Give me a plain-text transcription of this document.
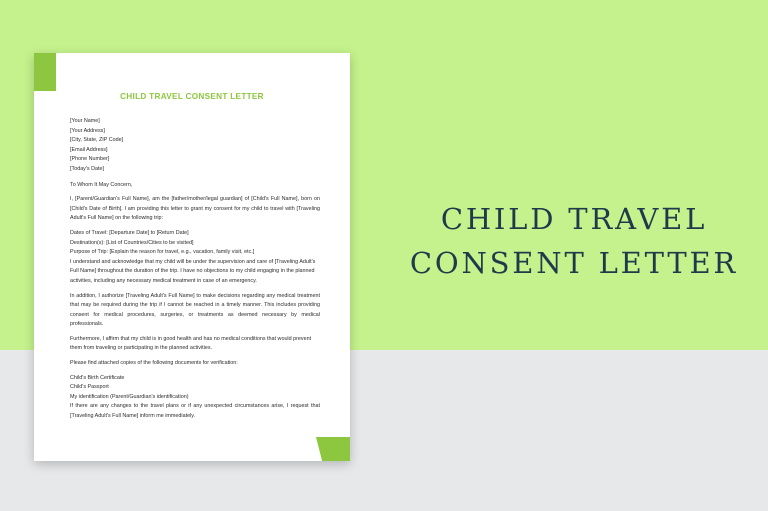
CHILD TRAVEL CONSENT LETTER
[Your Name]
[Your Address]
[City, State, ZIP Code]
[Email Address]
[Phone Number]
[Today's Date]
To Whom It May Concern,
I, [Parent/Guardian's Full Name], am the [father/mother/legal guardian] of [Child's Full Name], born on [Child's Date of Birth]. I am providing this letter to grant my consent for my child to travel with [Traveling Adult's Full Name] on the following trip:
Dates of Travel: [Departure Date] to [Return Date]
Destination(s): [List of Countries/Cities to be visited]
Purpose of Trip: [Explain the reason for travel, e.g., vacation, family visit, etc.]
I understand and acknowledge that my child will be under the supervision and care of [Traveling Adult's Full Name] throughout the duration of the trip. I have no objections to my child engaging in the planned activities, including any necessary medical treatment in case of an emergency.
In addition, I authorize [Traveling Adult's Full Name] to make decisions regarding any medical treatment that may be required during the trip if I cannot be reached in a timely manner. This includes providing consent for medical procedures, surgeries, or treatments as deemed necessary by medical professionals.
Furthermore, I affirm that my child is in good health and has no medical conditions that would prevent them from traveling or participating in the planned activities.
Please find attached copies of the following documents for verification:
Child's Birth Certificate
Child's Passport
My identification (Parent/Guardian's identification)
If there are any changes to the travel plans or if any unexpected circumstances arise, I request that [Traveling Adult's Full Name] inform me immediately.
CHILD TRAVEL
CONSENT LETTER
